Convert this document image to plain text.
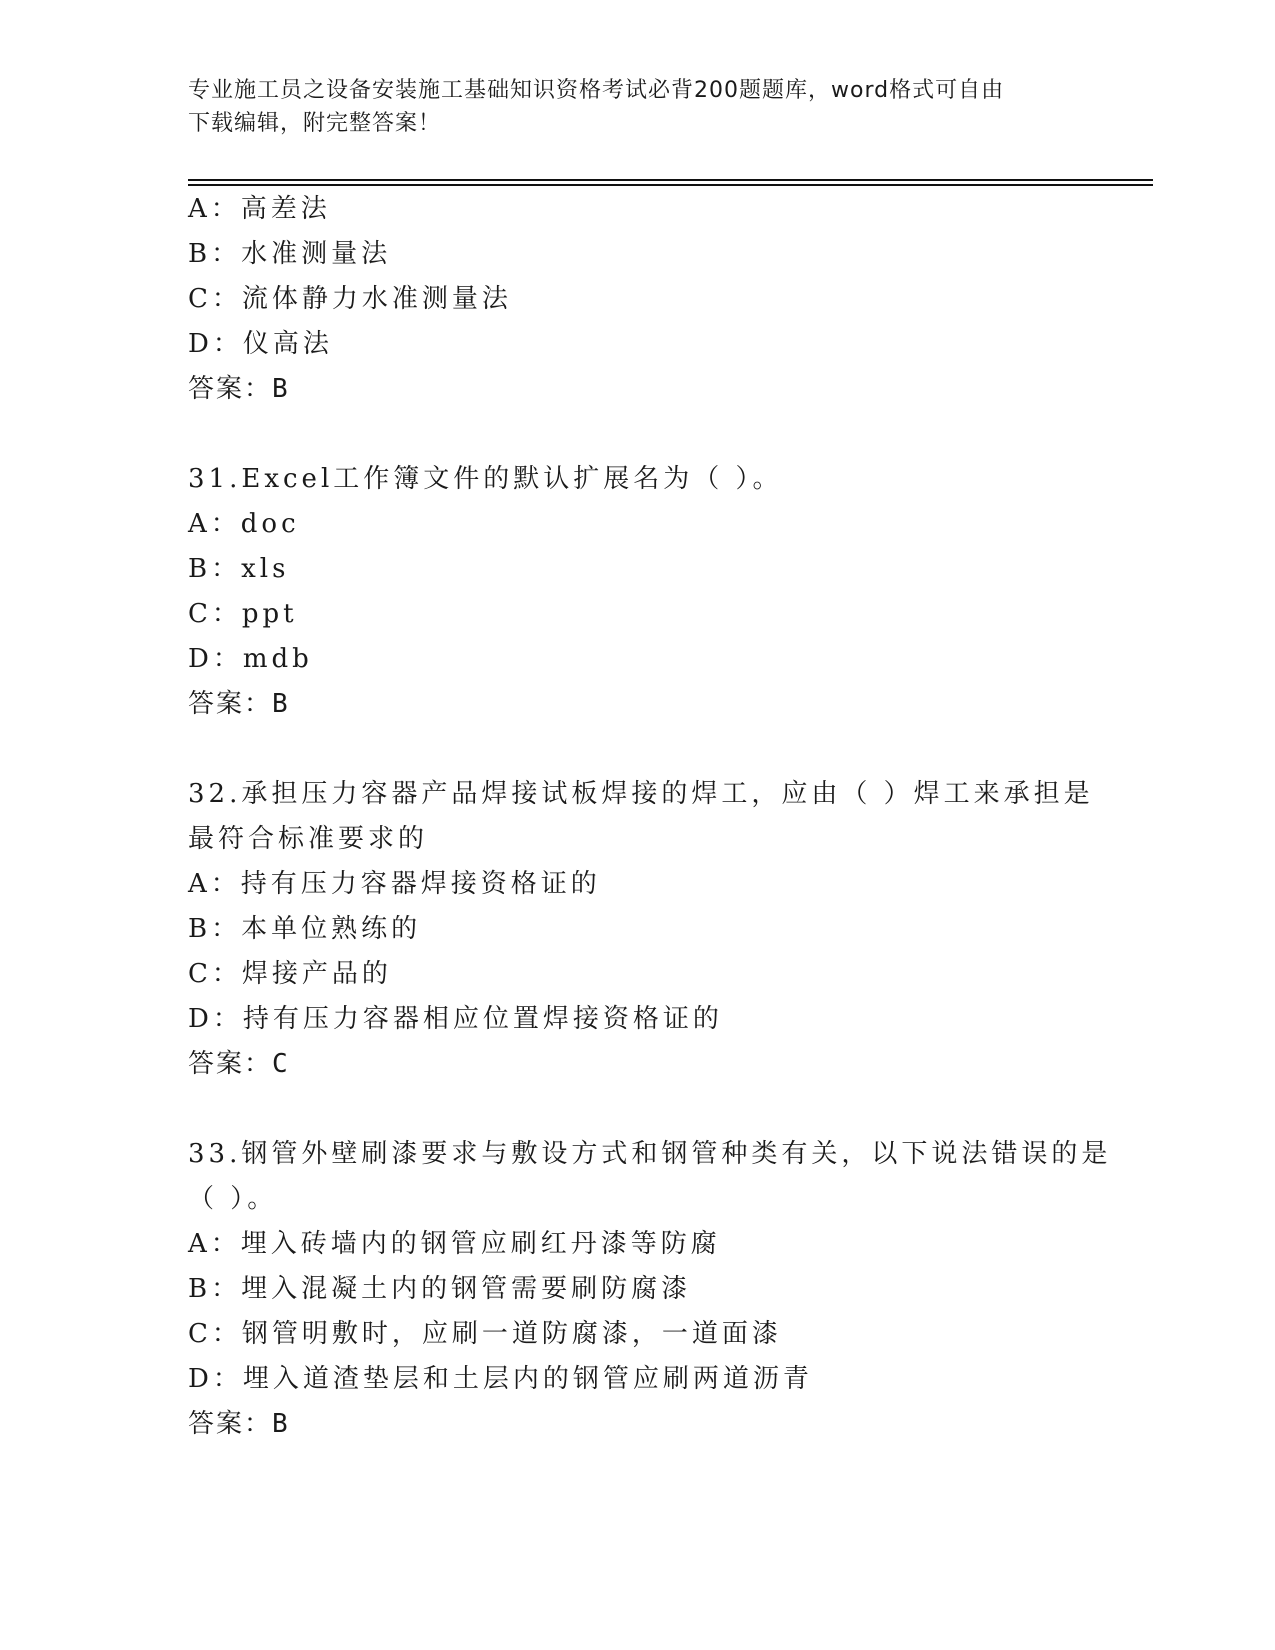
专业施工员之设备安装施工基础知识资格考试必背200题题库，word格式可自由
下载编辑，附完整答案！
A：高差法
B：水准测量法
C：流体静力水准测量法
D：仪高法
答案：B
31.Excel工作簿文件的默认扩展名为（ ）。
A：doc
B：xls
C：ppt
D：mdb
答案：B
32.承担压力容器产品焊接试板焊接的焊工，应由（ ）焊工来承担是
最符合标准要求的
A：持有压力容器焊接资格证的
B：本单位熟练的
C：焊接产品的
D：持有压力容器相应位置焊接资格证的
答案：C
33.钢管外壁刷漆要求与敷设方式和钢管种类有关，以下说法错误的是
（ ）。
A：埋入砖墙内的钢管应刷红丹漆等防腐
B：埋入混凝土内的钢管需要刷防腐漆
C：钢管明敷时，应刷一道防腐漆，一道面漆
D：埋入道渣垫层和土层内的钢管应刷两道沥青
答案：B
